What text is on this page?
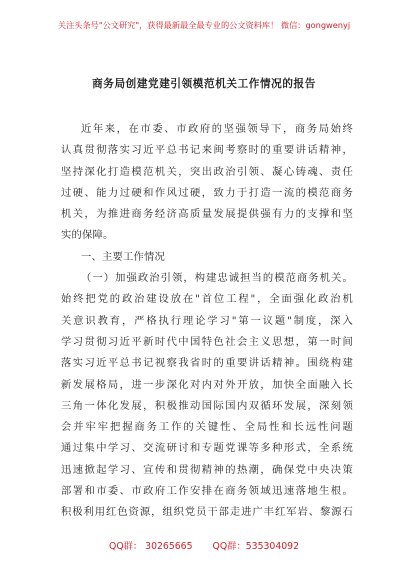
关注头条号"公文研究"，获得最新最全最专业的公文资料库！ 微信：gongwenyj
商务局创建党建引领模范机关工作情况的报告
近年来，在市委、市政府的坚强领导下，商务局始终
认真贯彻落实习近平总书记来闽考察时的重要讲话精神，
坚持深化打造模范机关，突出政治引领、凝心铸魂、责任
过硬、能力过硬和作风过硬，致力于打造一流的模范商务
机关，为推进商务经济高质量发展提供强有力的支撑和坚
实的保障。
一、主要工作情况
（一）加强政治引领，构建忠诚担当的模范商务机关。
始终把党的政治建设放在"首位工程"，全面强化政治机
关意识教育，严格执行理论学习"第一议题"制度，深入
学习贯彻习近平新时代中国特色社会主义思想，第一时间
落实习近平总书记视察我省时的重要讲话精神。围绕构建
新发展格局，进一步深化对内对外开放，加快全面融入长
三角一体化发展，积极推动国际国内双循环发展，深刻领
会并牢牢把握商务工作的关键性、全局性和长远性问题
通过集中学习、交流研讨和专题党课等多种形式，全系统
迅速掀起学习、宣传和贯彻精神的热潮，确保党中央决策
部署和市委、市政府工作安排在商务领域迅速落地生根。
积极利用红色资源，组织党员干部走进广丰红军岩、黎源石
QQ群： 30265665 QQ群：535304092
